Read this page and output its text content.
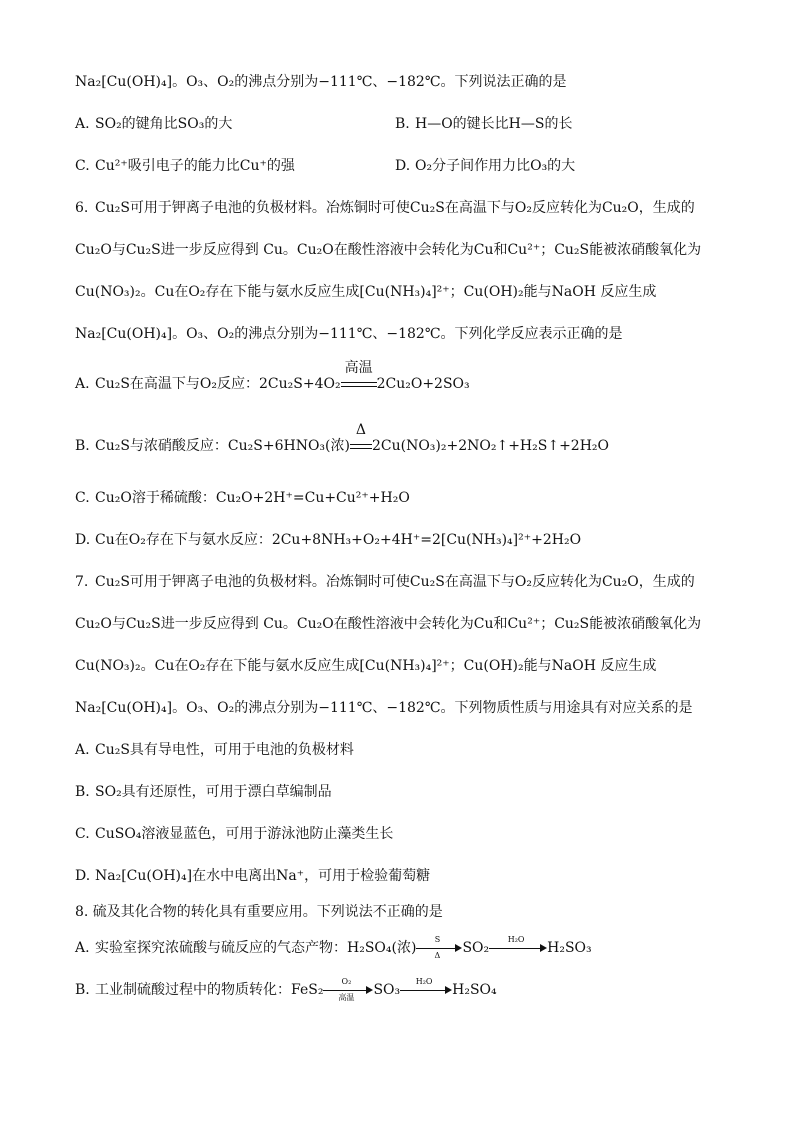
Na₂[Cu(OH)₄]。O₃、O₂的沸点分别为−111℃、−182℃。下列说法正确的是
A. SO₂的键角比SO₃的大	B. H—O的键长比H—S的长
C. Cu²⁺吸引电子的能力比Cu⁺的强	D. O₂分子间作用力比O₃的大
6. Cu₂S可用于钾离子电池的负极材料。冶炼铜时可使Cu₂S在高温下与O₂反应转化为Cu₂O，生成的
Cu₂O与Cu₂S进一步反应得到 Cu。Cu₂O在酸性溶液中会转化为Cu和Cu²⁺；Cu₂S能被浓硝酸氧化为
Cu(NO₃)₂。Cu在O₂存在下能与氨水反应生成[Cu(NH₃)₄]²⁺；Cu(OH)₂能与NaOH 反应生成
Na₂[Cu(OH)₄]。O₃、O₂的沸点分别为−111℃、−182℃。下列化学反应表示正确的是
A. Cu₂S在高温下与O₂反应：2Cu₂S+4O₂
高温
2Cu₂O+2SO₃
B. Cu₂S与浓硝酸反应：Cu₂S+6HNO₃(浓)
Δ
2Cu(NO₃)₂+2NO₂↑+H₂S↑+2H₂O
C. Cu₂O溶于稀硫酸：Cu₂O+2H⁺=Cu+Cu²⁺+H₂O
D. Cu在O₂存在下与氨水反应：2Cu+8NH₃+O₂+4H⁺=2[Cu(NH₃)₄]²⁺+2H₂O
7. Cu₂S可用于钾离子电池的负极材料。冶炼铜时可使Cu₂S在高温下与O₂反应转化为Cu₂O，生成的
Cu₂O与Cu₂S进一步反应得到 Cu。Cu₂O在酸性溶液中会转化为Cu和Cu²⁺；Cu₂S能被浓硝酸氧化为
Cu(NO₃)₂。Cu在O₂存在下能与氨水反应生成[Cu(NH₃)₄]²⁺；Cu(OH)₂能与NaOH 反应生成
Na₂[Cu(OH)₄]。O₃、O₂的沸点分别为−111℃、−182℃。下列物质性质与用途具有对应关系的是
A. Cu₂S具有导电性，可用于电池的负极材料
B. SO₂具有还原性，可用于漂白草编制品
C. CuSO₄溶液显蓝色，可用于游泳池防止藻类生长
D. Na₂[Cu(OH)₄]在水中电离出Na⁺，可用于检验葡萄糖
8. 硫及其化合物的转化具有重要应用。下列说法不正确的是
A. 实验室探究浓硫酸与硫反应的气态产物：H₂SO₄(浓) $\frac{S}{\Delta} SO_2$
H₂O
H₂SO₃
B. 工业制硫酸过程中的物质转化：FeS₂
O₂
高温	SO₃
H₂O
H₂SO₄
